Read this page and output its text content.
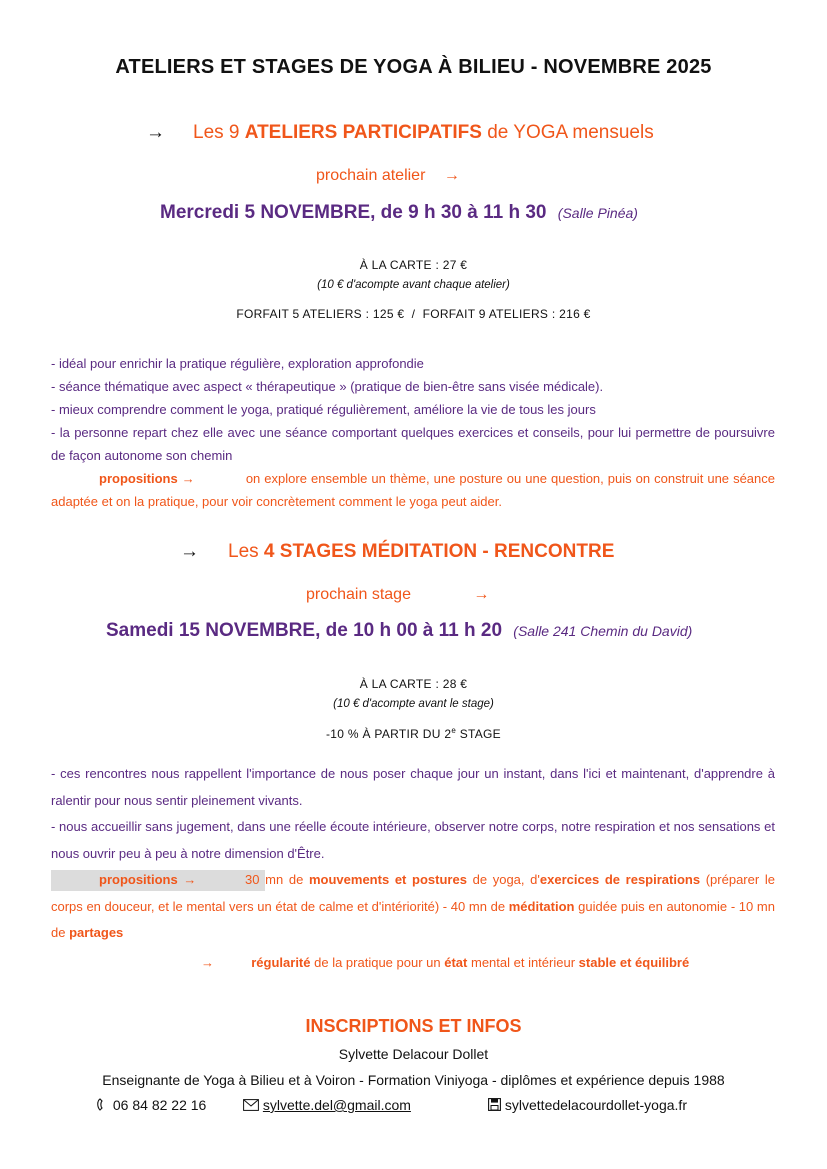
ATELIERS ET STAGES DE YOGA À BILIEU - NOVEMBRE 2025
→ Les 9 ATELIERS PARTICIPATIFS de YOGA mensuels
prochain atelier →
Mercredi 5 NOVEMBRE, de 9 h 30 à 11 h 30 (Salle Pinéa)
À LA CARTE : 27 €
(10 € d'acompte avant chaque atelier)
FORFAIT 5 ATELIERS : 125 €  /  FORFAIT 9 ATELIERS : 216 €

- idéal pour enrichir la pratique régulière, exploration approfondie

- séance thématique avec aspect « thérapeutique » (pratique de bien-être sans visée médicale).

- mieux comprendre comment le yoga, pratiqué régulièrement, améliore la vie de tous les jours

- la personne repart chez elle avec une séance comportant quelques exercices et conseils, pour lui permettre de poursuivre de façon autonome son chemin

propositions →	on explore ensemble un thème, une posture ou une question, puis on construit une séance adaptée et on la pratique, pour voir concrètement comment le yoga peut aider.

→ Les 4 STAGES MÉDITATION - RENCONTRE
prochain stage	→
Samedi 15 NOVEMBRE, de 10 h 00 à 11 h 20 (Salle 241 Chemin du David)
À LA CARTE : 28 €
(10 € d'acompte avant le stage)
-10 % À PARTIR DU 2e STAGE

- ces rencontres nous rappellent l'importance de nous poser chaque jour un instant, dans l'ici et maintenant, d'apprendre à ralentir pour nous sentir pleinement vivants.

- nous accueillir sans jugement, dans une réelle écoute intérieure, observer notre corps, notre respiration et nos sensations et nous ouvrir peu à peu à notre dimension d'Être.

propositions →	30 mn de mouvements et postures de yoga, d'exercices de respirations (préparer le corps en douceur, et le mental vers un état de calme et d'intériorité) - 40 mn de méditation guidée puis en autonomie - 10 mn de partages

→	régularité de la pratique pour un état mental et intérieur stable et équilibré
INSCRIPTIONS ET INFOS
Sylvette Delacour Dollet
Enseignante de Yoga à Bilieu et à Voiron - Formation Viniyoga - diplômes et expérience depuis 1988
06 84 82 22 16	sylvette.del@gmail.com	sylvettedelacourdollet-yoga.fr
